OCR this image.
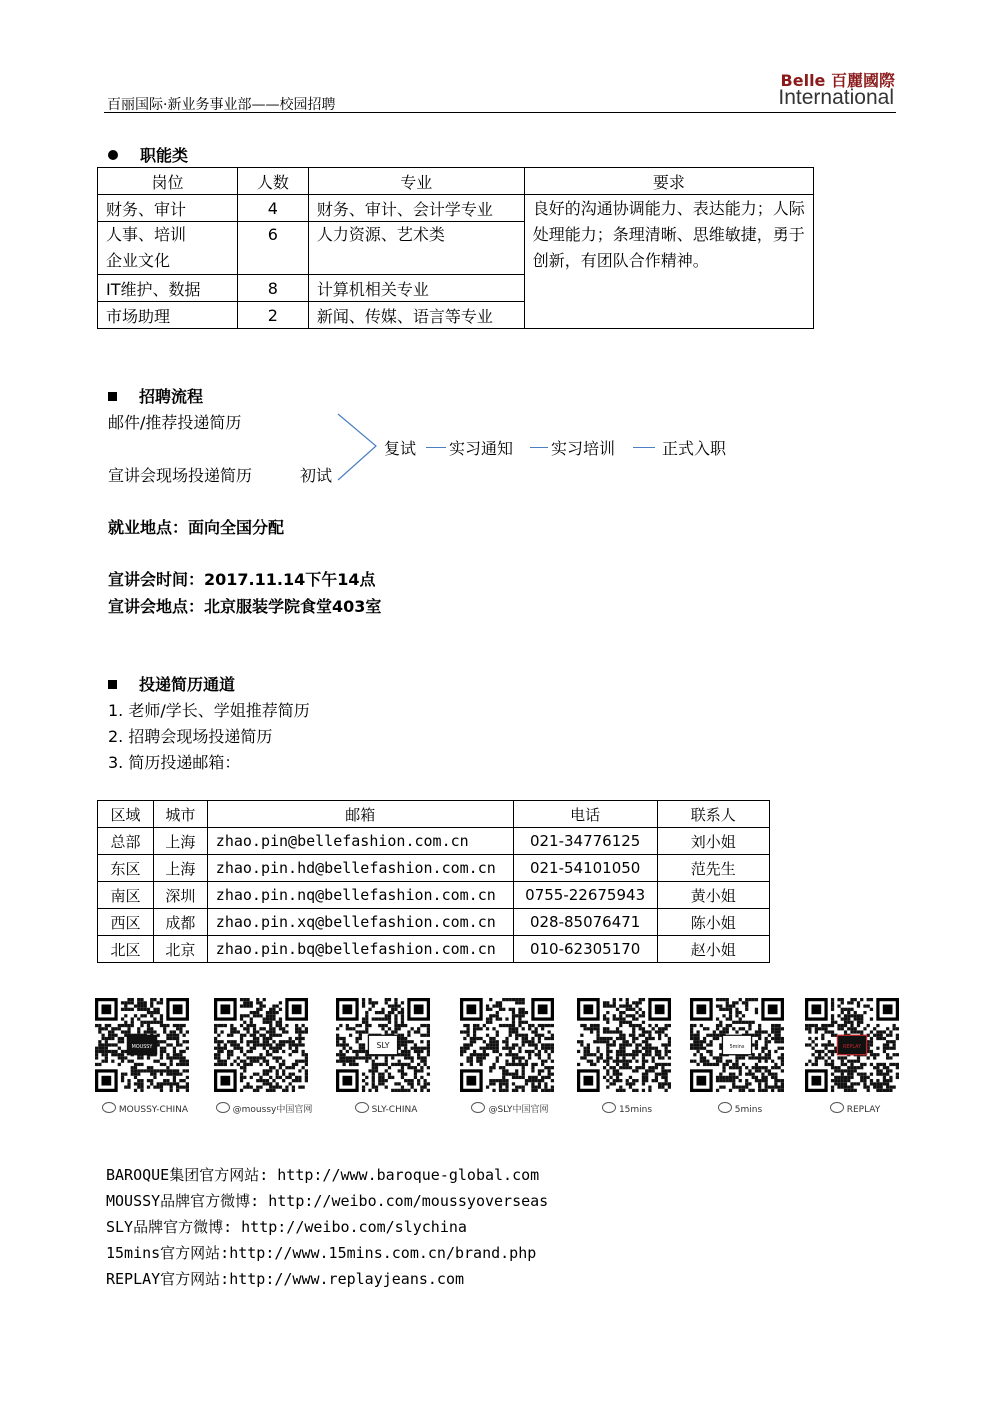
百丽国际·新业务事业部——校园招聘
Belle 百麗國際
International
职能类
岗位	人数	专业	要求
财务、审计	4	财务、审计、会计学专业	良好的沟通协调能力、表达能力；人际处理能力；条理清晰、思维敏捷，勇于创新，有团队合作精神。
人事、培训
企业文化	6	人力资源、艺术类	
IT维护、数据	8	计算机相关专业	
市场助理	2	新闻、传媒、语言等专业	
招聘流程
邮件/推荐投递简历
宣讲会现场投递简历	初试
复试 实习通知 实习培训	正式入职
就业地点：面向全国分配
宣讲会时间：2017.11.14下午14点
宣讲会地点：北京服装学院食堂403室
投递简历通道
1. 老师/学长、学姐推荐简历
2. 招聘会现场投递简历
3. 简历投递邮箱：
区域	城市	邮箱	电话	联系人
总部	上海	zhao.pin@bellefashion.com.cn	021-34776125	刘小姐
东区	上海	zhao.pin.hd@bellefashion.com.cn	021-54101050	范先生
南区	深圳	zhao.pin.nq@bellefashion.com.cn	0755-22675943	黄小姐
西区	成都	zhao.pin.xq@bellefashion.com.cn	028-85076471	陈小姐
北区	北京	zhao.pin.bq@bellefashion.com.cn	010-62305170	赵小姐
MOUSSY
MOUSSY-CHINA	@moussy中国官网
SLY
SLY-CHINA	@SLY中国官网	15mins
5mins
5mins
REPLAY
REPLAY
BAROQUE集团官方网站: http://www.baroque-global.com
MOUSSY品牌官方微博: http://weibo.com/moussyoverseas
SLY品牌官方微博: http://weibo.com/slychina
15mins官方网站:http://www.15mins.com.cn/brand.php
REPLAY官方网站:http://www.replayjeans.com
